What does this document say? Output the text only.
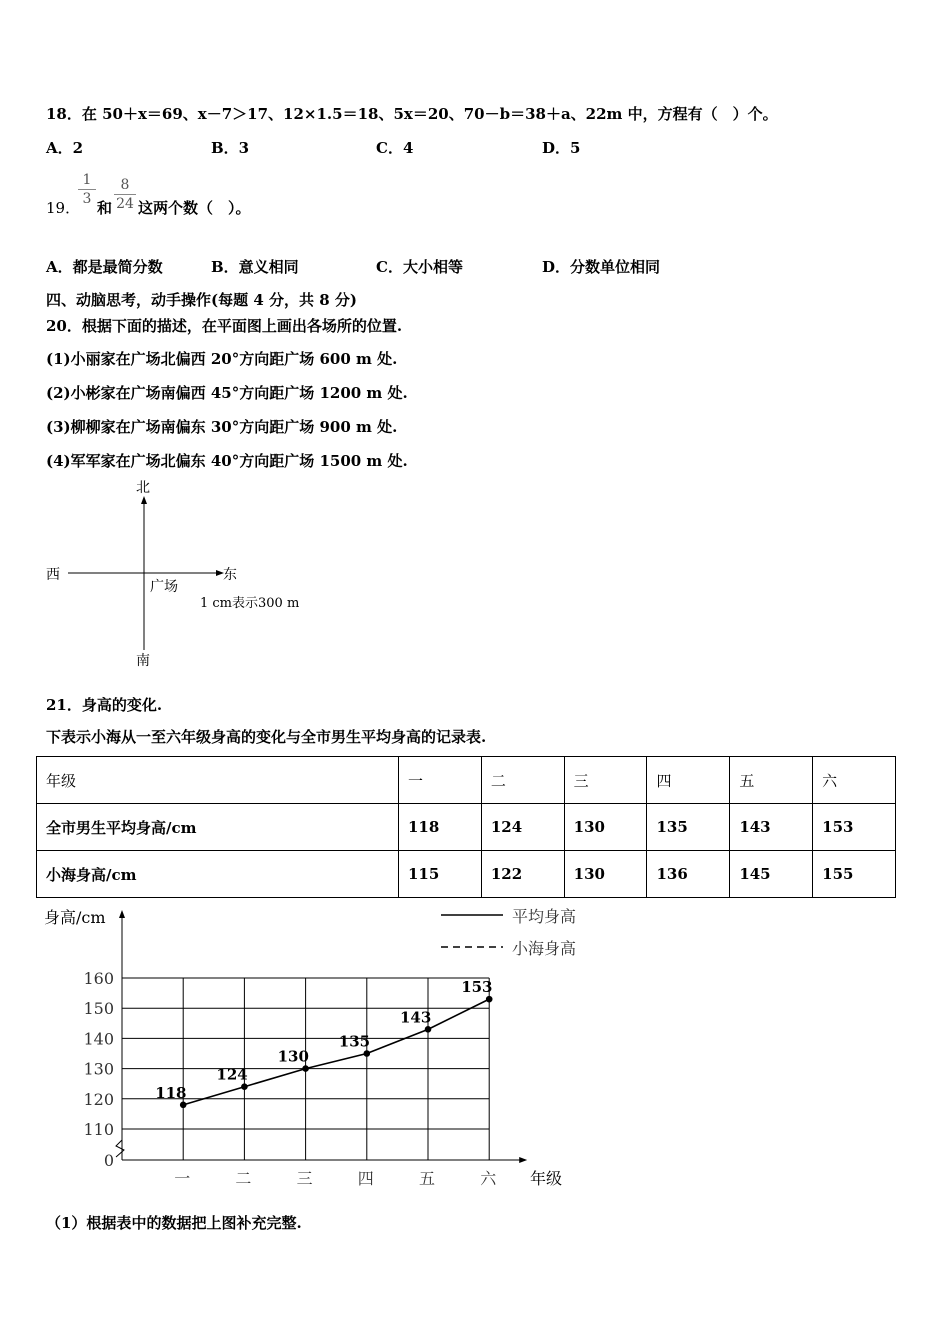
18．在 50＋x＝69、x－7＞17、12×1.5＝18、5x＝20、70－b＝38＋a、22m 中，方程有（　）个。
A．2	B．3	C．4	D．5
19．
1
3 和
8
24 这两个数（　）。
A．都是最简分数	B．意义相同	C．大小相等	D．分数单位相同
四、动脑思考，动手操作(每题 4 分，共 8 分)
20．根据下面的描述，在平面图上画出各场所的位置.
(1)小丽家在广场北偏西 20°方向距广场 600 m 处.
(2)小彬家在广场南偏西 45°方向距广场 1200 m 处.
(3)柳柳家在广场南偏东 30°方向距广场 900 m 处.
(4)军军家在广场北偏东 40°方向距广场 1500 m 处.
北
南
西	东
广场
1 cm表示300 m
21．身高的变化.
下表示小海从一至六年级身高的变化与全市男生平均身高的记录表.
年级	一	二	三	四	五	六
全市男生平均身高/cm	118	124	130	135	143	153
小海身高/cm	115	122	130	136	145	155
一	二	三	四	五	六
0
110
120
130
140
150
160
118
124
130
135
143
153
身高/cm
年级
平均身高
小海身高
（1）根据表中的数据把上图补充完整.
